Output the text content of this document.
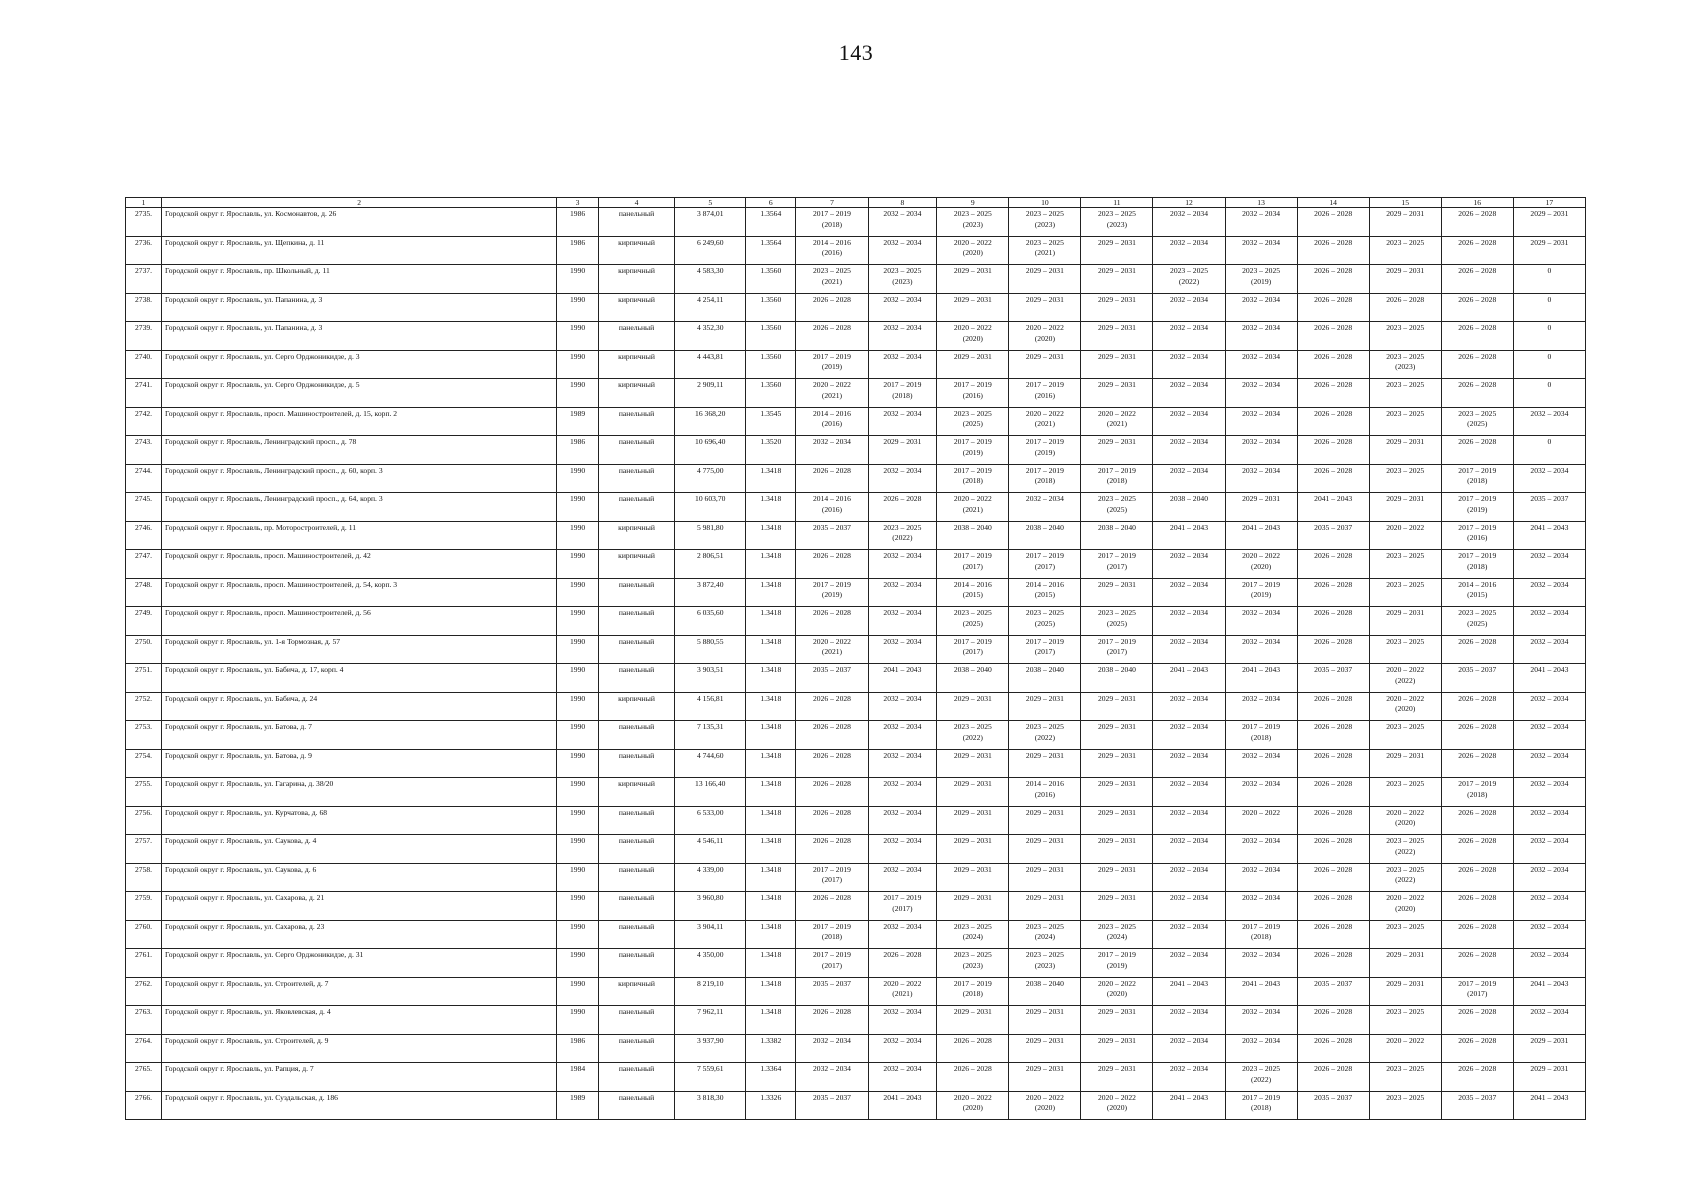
143
1	2	3	4	5	6	7	8	9	10	11	12	13	14	15	16	17
2735.	Городской округ г. Ярославль, ул. Космонавтов, д. 26	1986	панельный	3 874,01	1.3564	2017 – 2019
(2018)	2032 – 2034	2023 – 2025
(2023)	2023 – 2025
(2023)	2023 – 2025
(2023)	2032 – 2034	2032 – 2034	2026 – 2028	2029 – 2031	2026 – 2028	2029 – 2031

2736.	Городской округ г. Ярославль, ул. Щепкина, д. 11	1986	кирпичный	6 249,60	1.3564	2014 – 2016
(2016)	2032 – 2034	2020 – 2022
(2020)	2023 – 2025
(2021)	2029 – 2031	2032 – 2034	2032 – 2034	2026 – 2028	2023 – 2025	2026 – 2028	2029 – 2031

2737.	Городской округ г. Ярославль, пр. Школьный, д. 11	1990	кирпичный	4 583,30	1.3560	2023 – 2025
(2021)	2023 – 2025
(2023)	2029 – 2031	2029 – 2031	2029 – 2031	2023 – 2025
(2022)	2023 – 2025
(2019)	2026 – 2028	2029 – 2031	2026 – 2028	0

2738.	Городской округ г. Ярославль, ул. Папанина, д. 3	1990	кирпичный	4 254,11	1.3560	2026 – 2028	2032 – 2034	2029 – 2031	2029 – 2031	2029 – 2031	2032 – 2034	2032 – 2034	2026 – 2028	2026 – 2028	2026 – 2028	0

2739.	Городской округ г. Ярославль, ул. Папанина, д. 3	1990	панельный	4 352,30	1.3560	2026 – 2028	2032 – 2034	2020 – 2022
(2020)	2020 – 2022
(2020)	2029 – 2031	2032 – 2034	2032 – 2034	2026 – 2028	2023 – 2025	2026 – 2028	0

2740.	Городской округ г. Ярославль, ул. Серго Орджоникидзе, д. 3	1990	кирпичный	4 443,81	1.3560	2017 – 2019
(2019)	2032 – 2034	2029 – 2031	2029 – 2031	2029 – 2031	2032 – 2034	2032 – 2034	2026 – 2028	2023 – 2025
(2023)	2026 – 2028	0

2741.	Городской округ г. Ярославль, ул. Серго Орджоникидзе, д. 5	1990	кирпичный	2 909,11	1.3560	2020 – 2022
(2021)	2017 – 2019
(2018)	2017 – 2019
(2016)	2017 – 2019
(2016)	2029 – 2031	2032 – 2034	2032 – 2034	2026 – 2028	2023 – 2025	2026 – 2028	0

2742.	Городской округ г. Ярославль, просп. Машиностроителей, д. 15, корп. 2	1989	панельный	16 368,20	1.3545	2014 – 2016
(2016)	2032 – 2034	2023 – 2025
(2025)	2020 – 2022
(2021)	2020 – 2022
(2021)	2032 – 2034	2032 – 2034	2026 – 2028	2023 – 2025	2023 – 2025
(2025)	2032 – 2034

2743.	Городской округ г. Ярославль, Ленинградский просп., д. 78	1986	панельный	10 696,40	1.3520	2032 – 2034	2029 – 2031	2017 – 2019
(2019)	2017 – 2019
(2019)	2029 – 2031	2032 – 2034	2032 – 2034	2026 – 2028	2029 – 2031	2026 – 2028	0

2744.	Городской округ г. Ярославль, Ленинградский просп., д. 60, корп. 3	1990	панельный	4 775,00	1.3418	2026 – 2028	2032 – 2034	2017 – 2019
(2018)	2017 – 2019
(2018)	2017 – 2019
(2018)	2032 – 2034	2032 – 2034	2026 – 2028	2023 – 2025	2017 – 2019
(2018)	2032 – 2034

2745.	Городской округ г. Ярославль, Ленинградский просп., д. 64, корп. 3	1990	панельный	10 603,70	1.3418	2014 – 2016
(2016)	2026 – 2028	2020 – 2022
(2021)	2032 – 2034	2023 – 2025
(2025)	2038 – 2040	2029 – 2031	2041 – 2043	2029 – 2031	2017 – 2019
(2019)	2035 – 2037

2746.	Городской округ г. Ярославль, пр. Моторостроителей, д. 11	1990	кирпичный	5 981,80	1.3418	2035 – 2037	2023 – 2025
(2022)	2038 – 2040	2038 – 2040	2038 – 2040	2041 – 2043	2041 – 2043	2035 – 2037	2020 – 2022	2017 – 2019
(2016)	2041 – 2043

2747.	Городской округ г. Ярославль, просп. Машиностроителей, д. 42	1990	кирпичный	2 806,51	1.3418	2026 – 2028	2032 – 2034	2017 – 2019
(2017)	2017 – 2019
(2017)	2017 – 2019
(2017)	2032 – 2034	2020 – 2022
(2020)	2026 – 2028	2023 – 2025	2017 – 2019
(2018)	2032 – 2034

2748.	Городской округ г. Ярославль, просп. Машиностроителей, д. 54, корп. 3	1990	панельный	3 872,40	1.3418	2017 – 2019
(2019)	2032 – 2034	2014 – 2016
(2015)	2014 – 2016
(2015)	2029 – 2031	2032 – 2034	2017 – 2019
(2019)	2026 – 2028	2023 – 2025	2014 – 2016
(2015)	2032 – 2034

2749.	Городской округ г. Ярославль, просп. Машиностроителей, д. 56	1990	панельный	6 035,60	1.3418	2026 – 2028	2032 – 2034	2023 – 2025
(2025)	2023 – 2025
(2025)	2023 – 2025
(2025)	2032 – 2034	2032 – 2034	2026 – 2028	2029 – 2031	2023 – 2025
(2025)	2032 – 2034

2750.	Городской округ г. Ярославль, ул. 1-я Тормозная, д. 57	1990	панельный	5 880,55	1.3418	2020 – 2022
(2021)	2032 – 2034	2017 – 2019
(2017)	2017 – 2019
(2017)	2017 – 2019
(2017)	2032 – 2034	2032 – 2034	2026 – 2028	2023 – 2025	2026 – 2028	2032 – 2034

2751.	Городской округ г. Ярославль, ул. Бабича, д. 17, корп. 4	1990	панельный	3 903,51	1.3418	2035 – 2037	2041 – 2043	2038 – 2040	2038 – 2040	2038 – 2040	2041 – 2043	2041 – 2043	2035 – 2037	2020 – 2022
(2022)	2035 – 2037	2041 – 2043

2752.	Городской округ г. Ярославль, ул. Бабича, д. 24	1990	кирпичный	4 156,81	1.3418	2026 – 2028	2032 – 2034	2029 – 2031	2029 – 2031	2029 – 2031	2032 – 2034	2032 – 2034	2026 – 2028	2020 – 2022
(2020)	2026 – 2028	2032 – 2034

2753.	Городской округ г. Ярославль, ул. Батова, д. 7	1990	панельный	7 135,31	1.3418	2026 – 2028	2032 – 2034	2023 – 2025
(2022)	2023 – 2025
(2022)	2029 – 2031	2032 – 2034	2017 – 2019
(2018)	2026 – 2028	2023 – 2025	2026 – 2028	2032 – 2034

2754.	Городской округ г. Ярославль, ул. Батова, д. 9	1990	панельный	4 744,60	1.3418	2026 – 2028	2032 – 2034	2029 – 2031	2029 – 2031	2029 – 2031	2032 – 2034	2032 – 2034	2026 – 2028	2029 – 2031	2026 – 2028	2032 – 2034

2755.	Городской округ г. Ярославль, ул. Гагарина, д. 38/20	1990	кирпичный	13 166,40	1.3418	2026 – 2028	2032 – 2034	2029 – 2031	2014 – 2016
(2016)	2029 – 2031	2032 – 2034	2032 – 2034	2026 – 2028	2023 – 2025	2017 – 2019
(2018)	2032 – 2034

2756.	Городской округ г. Ярославль, ул. Курчатова, д. 68	1990	панельный	6 533,00	1.3418	2026 – 2028	2032 – 2034	2029 – 2031	2029 – 2031	2029 – 2031	2032 – 2034	2020 – 2022	2026 – 2028	2020 – 2022
(2020)	2026 – 2028	2032 – 2034

2757.	Городской округ г. Ярославль, ул. Саукова, д. 4	1990	панельный	4 546,11	1.3418	2026 – 2028	2032 – 2034	2029 – 2031	2029 – 2031	2029 – 2031	2032 – 2034	2032 – 2034	2026 – 2028	2023 – 2025
(2022)	2026 – 2028	2032 – 2034

2758.	Городской округ г. Ярославль, ул. Саукова, д. 6	1990	панельный	4 339,00	1.3418	2017 – 2019
(2017)	2032 – 2034	2029 – 2031	2029 – 2031	2029 – 2031	2032 – 2034	2032 – 2034	2026 – 2028	2023 – 2025
(2022)	2026 – 2028	2032 – 2034

2759.	Городской округ г. Ярославль, ул. Сахарова, д. 21	1990	панельный	3 960,80	1.3418	2026 – 2028	2017 – 2019
(2017)	2029 – 2031	2029 – 2031	2029 – 2031	2032 – 2034	2032 – 2034	2026 – 2028	2020 – 2022
(2020)	2026 – 2028	2032 – 2034

2760.	Городской округ г. Ярославль, ул. Сахарова, д. 23	1990	панельный	3 904,11	1.3418	2017 – 2019
(2018)	2032 – 2034	2023 – 2025
(2024)	2023 – 2025
(2024)	2023 – 2025
(2024)	2032 – 2034	2017 – 2019
(2018)	2026 – 2028	2023 – 2025	2026 – 2028	2032 – 2034

2761.	Городской округ г. Ярославль, ул. Серго Орджоникидзе, д. 31	1990	панельный	4 350,00	1.3418	2017 – 2019
(2017)	2026 – 2028	2023 – 2025
(2023)	2023 – 2025
(2023)	2017 – 2019
(2019)	2032 – 2034	2032 – 2034	2026 – 2028	2029 – 2031	2026 – 2028	2032 – 2034

2762.	Городской округ г. Ярославль, ул. Строителей, д. 7	1990	кирпичный	8 219,10	1.3418	2035 – 2037	2020 – 2022
(2021)	2017 – 2019
(2018)	2038 – 2040	2020 – 2022
(2020)	2041 – 2043	2041 – 2043	2035 – 2037	2029 – 2031	2017 – 2019
(2017)	2041 – 2043

2763.	Городской округ г. Ярославль, ул. Яковлевская, д. 4	1990	панельный	7 962,11	1.3418	2026 – 2028	2032 – 2034	2029 – 2031	2029 – 2031	2029 – 2031	2032 – 2034	2032 – 2034	2026 – 2028	2023 – 2025	2026 – 2028	2032 – 2034

2764.	Городской округ г. Ярославль, ул. Строителей, д. 9	1986	панельный	3 937,90	1.3382	2032 – 2034	2032 – 2034	2026 – 2028	2029 – 2031	2029 – 2031	2032 – 2034	2032 – 2034	2026 – 2028	2020 – 2022	2026 – 2028	2029 – 2031

2765.	Городской округ г. Ярославль, ул. Рапция, д. 7	1984	панельный	7 559,61	1.3364	2032 – 2034	2032 – 2034	2026 – 2028	2029 – 2031	2029 – 2031	2032 – 2034	2023 – 2025
(2022)	2026 – 2028	2023 – 2025	2026 – 2028	2029 – 2031

2766.	Городской округ г. Ярославль, ул. Суздальская, д. 186	1989	панельный	3 818,30	1.3326	2035 – 2037	2041 – 2043	2020 – 2022
(2020)	2020 – 2022
(2020)	2020 – 2022
(2020)	2041 – 2043	2017 – 2019
(2018)	2035 – 2037	2023 – 2025	2035 – 2037	2041 – 2043
